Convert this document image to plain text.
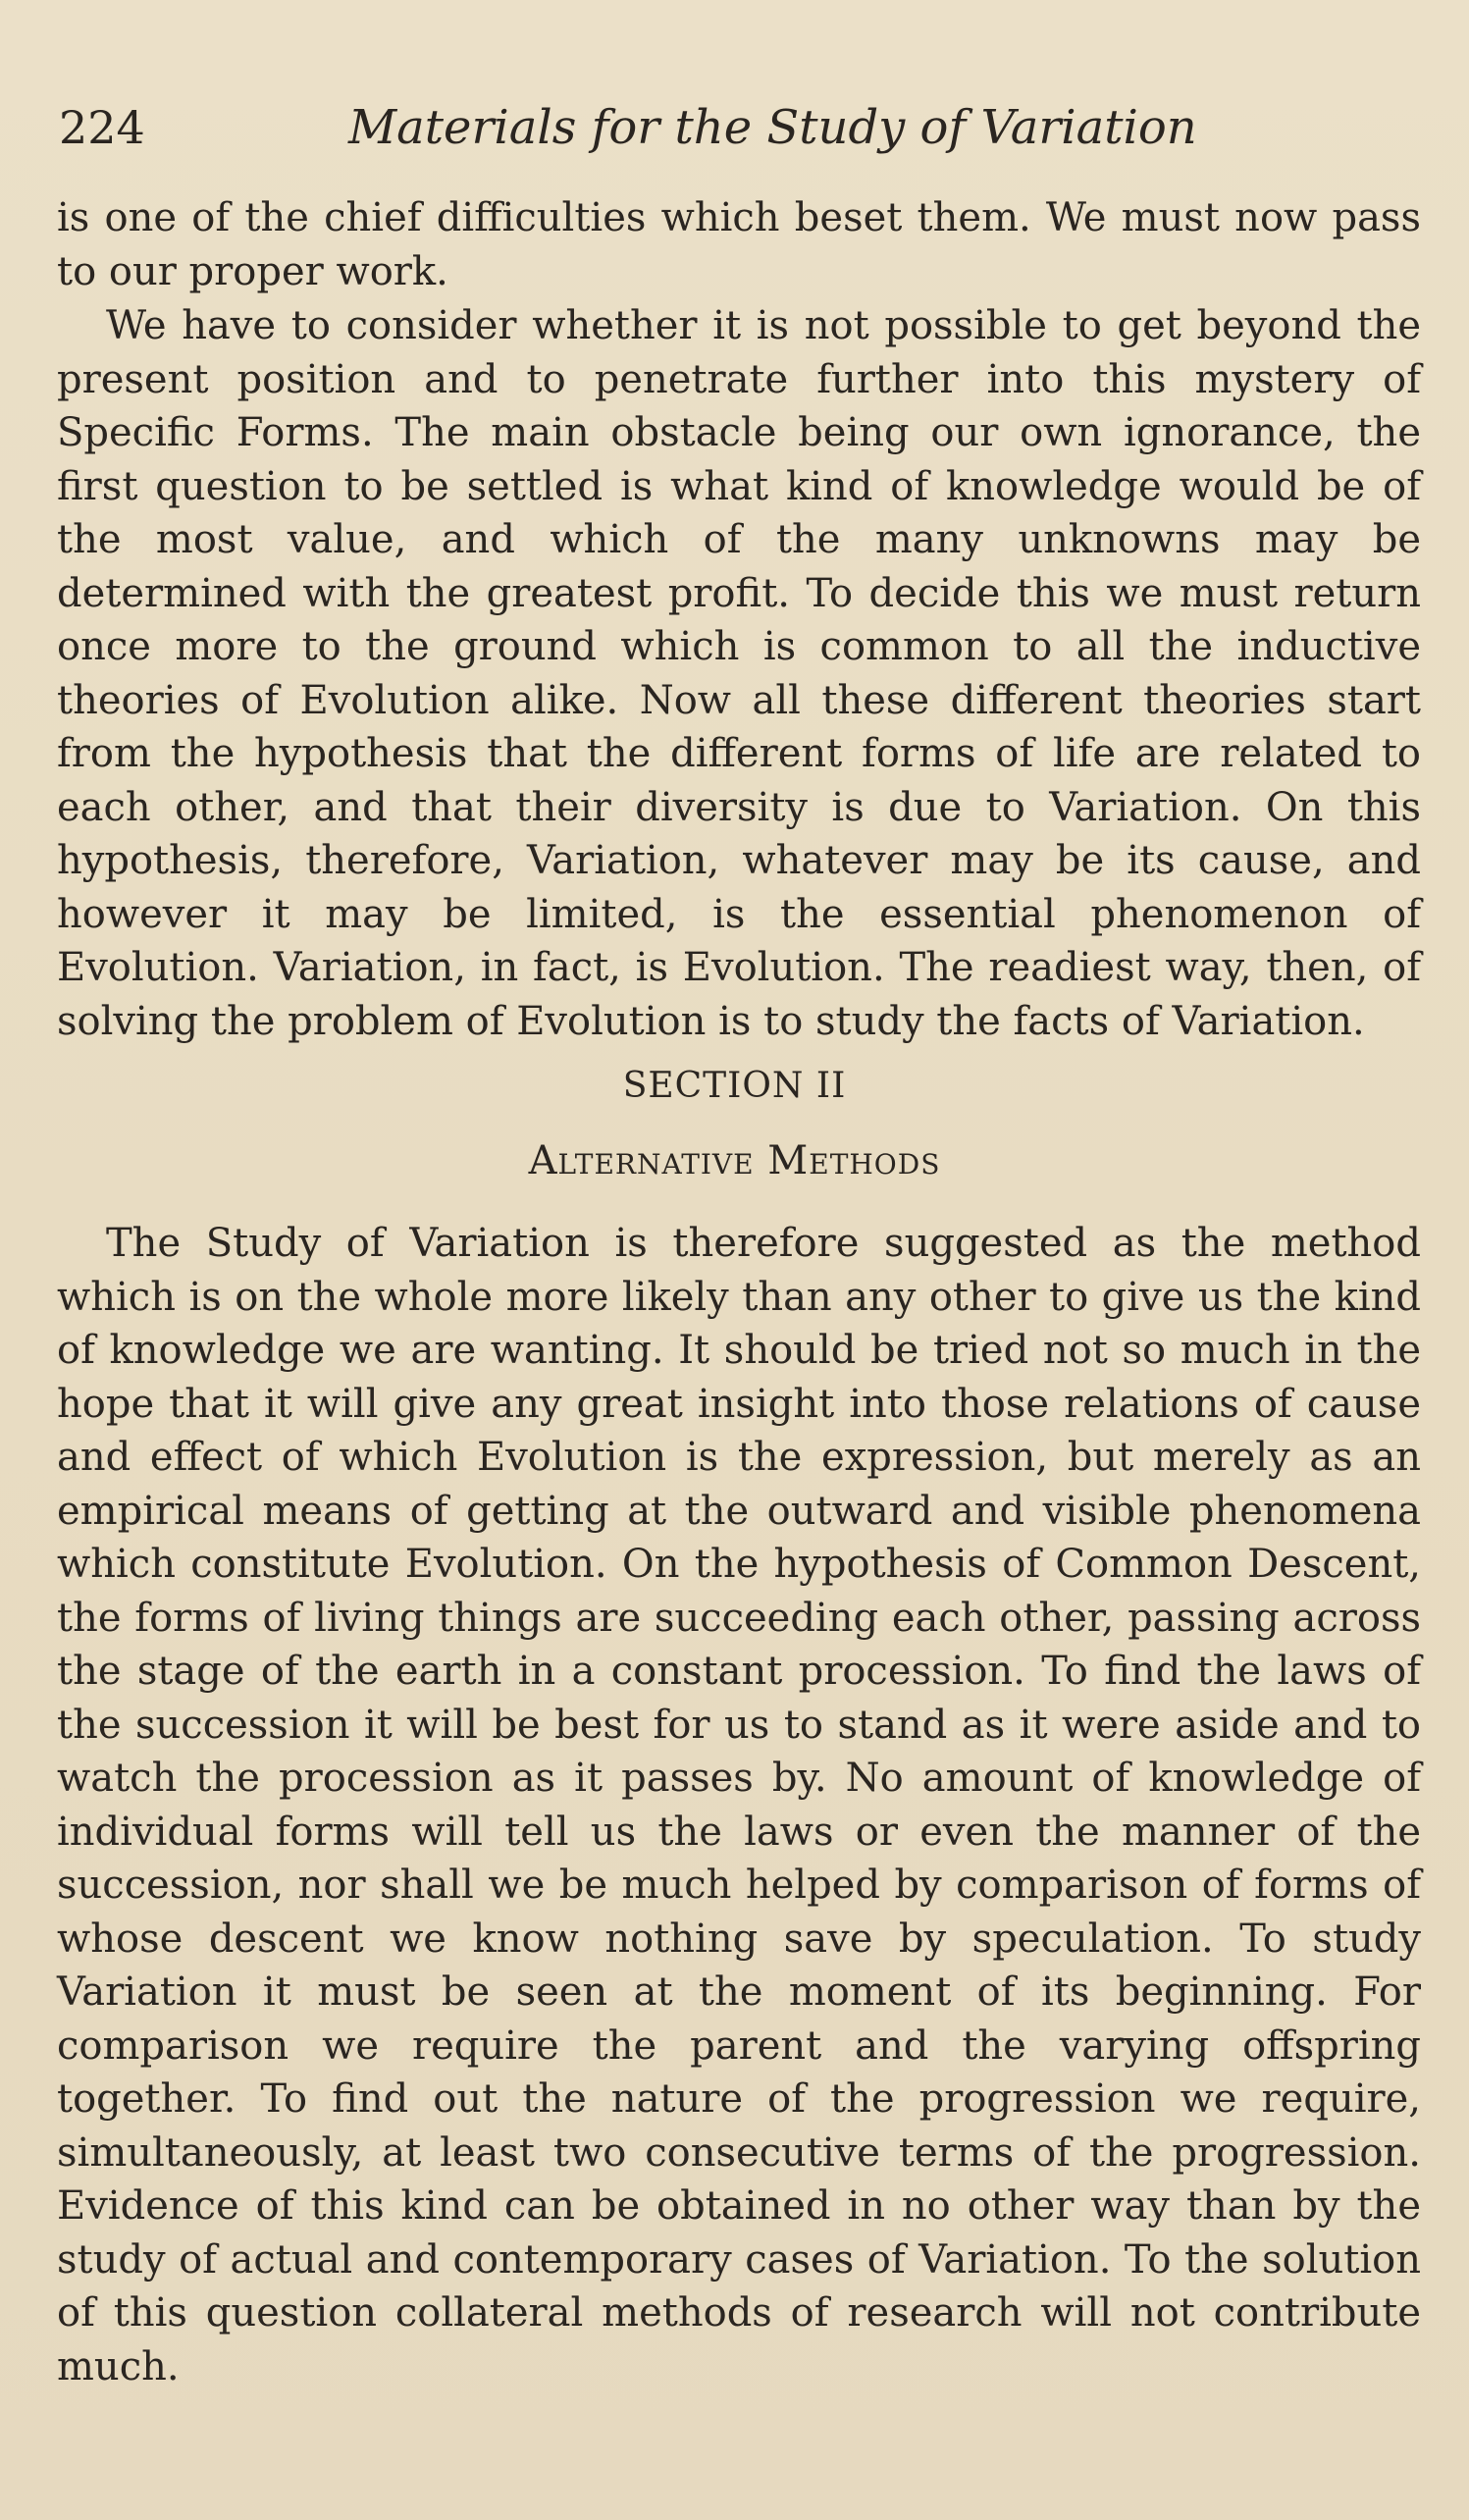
224	Materials for the Study of Variation

is one of the chief difficulties which beset them. We must now pass to our proper work.

We have to consider whether it is not possible to get beyond the present position and to penetrate further into this mystery of Specific Forms. The main obstacle being our own ignorance, the first question to be settled is what kind of knowledge would be of the most value, and which of the many unknowns may be determined with the greatest profit. To decide this we must return once more to the ground which is common to all the inductive theories of Evolution alike. Now all these different theories start from the hypothesis that the different forms of life are related to each other, and that their diversity is due to Variation. On this hypothesis, therefore, Variation, whatever may be its cause, and however it may be limited, is the essential phenomenon of Evolution. Variation, in fact, is Evolution. The readiest way, then, of solving the problem of Evolution is to study the facts of Variation.

SECTION II

Alternative Methods

The Study of Variation is therefore suggested as the method which is on the whole more likely than any other to give us the kind of knowledge we are wanting. It should be tried not so much in the hope that it will give any great insight into those relations of cause and effect of which Evolution is the expression, but merely as an empirical means of getting at the outward and visible phenomena which constitute Evolution. On the hypothesis of Common Descent, the forms of living things are succeeding each other, passing across the stage of the earth in a constant procession. To find the laws of the succession it will be best for us to stand as it were aside and to watch the procession as it passes by. No amount of knowledge of individual forms will tell us the laws or even the manner of the succession, nor shall we be much helped by comparison of forms of whose descent we know nothing save by speculation. To study Variation it must be seen at the moment of its beginning. For comparison we require the parent and the varying offspring together. To find out the nature of the progression we require, simultaneously, at least two consecutive terms of the progression. Evidence of this kind can be obtained in no other way than by the study of actual and contemporary cases of Variation. To the solution of this question collateral methods of research will not contribute much.
